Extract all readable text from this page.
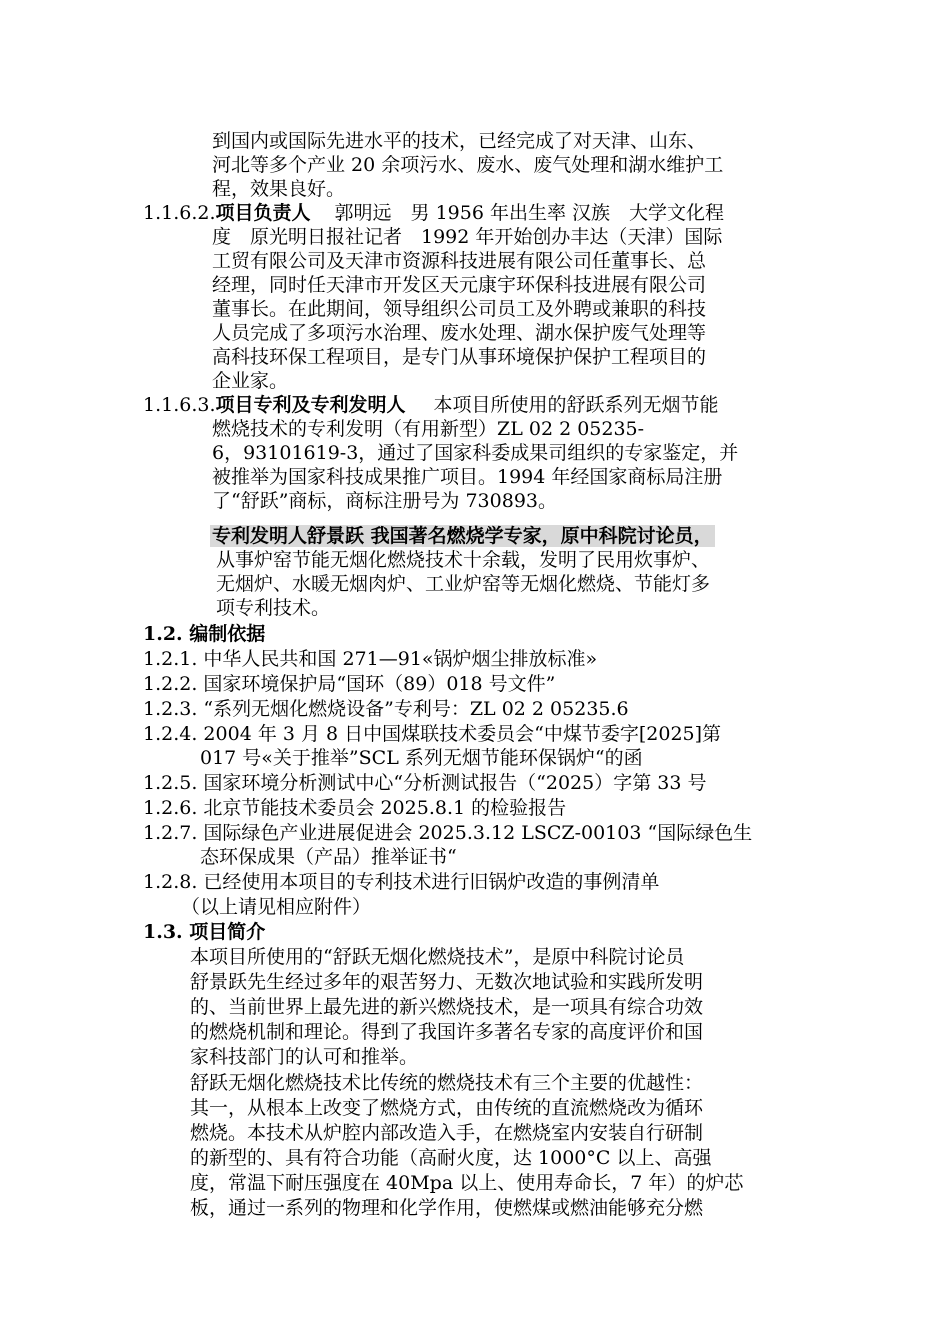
到国内或国际先进水平的技术，已经完成了对天津、山东、
河北等多个产业 20 余项污水、废水、废气处理和湖水维护工
程，效果良好。
1.1.6.2.项目负责人 郭明远　男 1956 年出生率 汉族　大学文化程
度　原光明日报社记者　1992 年开始创办丰达（天津）国际
工贸有限公司及天津市资源科技进展有限公司任董事长、总
经理，同时任天津市开发区天元康宇环保科技进展有限公司
董事长。在此期间，领导组织公司员工及外聘或兼职的科技
人员完成了多项污水治理、废水处理、湖水保护废气处理等
高科技环保工程项目，是专门从事环境保护保护工程项目的
企业家。
1.1.6.3.项目专利及专利发明人 本项目所使用的舒跃系列无烟节能
燃烧技术的专利发明（有用新型）ZL 02 2 05235-
6，93101619-3，通过了国家科委成果司组织的专家鉴定，并
被推举为国家科技成果推广项目。1994 年经国家商标局注册
了“舒跃”商标，商标注册号为 730893。
专利发明人舒景跃 我国著名燃烧学专家，原中科院讨论员，
从事炉窑节能无烟化燃烧技术十余载，发明了民用炊事炉、
无烟炉、水暖无烟肉炉、工业炉窑等无烟化燃烧、节能灯多
项专利技术。
1.2. 编制依据
1.2.1. 中华人民共和国 271—91«锅炉烟尘排放标准»
1.2.2. 国家环境保护局“国环（89）018 号文件”
1.2.3. “系列无烟化燃烧设备”专利号：ZL 02 2 05235.6
1.2.4. 2004 年 3 月 8 日中国煤联技术委员会“中煤节委字[2025]第
017 号«关于推举”SCL 系列无烟节能环保锅炉“的函
1.2.5. 国家环境分析测试中心“分析测试报告（“2025）字第 33 号
1.2.6. 北京节能技术委员会 2025.8.1 的检验报告
1.2.7. 国际绿色产业进展促进会 2025.3.12 LSCZ-00103 “国际绿色生
态环保成果（产品）推举证书“
1.2.8. 已经使用本项目的专利技术进行旧锅炉改造的事例清单
（以上请见相应附件）
1.3. 项目简介
本项目所使用的“舒跃无烟化燃烧技术”，是原中科院讨论员
舒景跃先生经过多年的艰苦努力、无数次地试验和实践所发明
的、当前世界上最先进的新兴燃烧技术，是一项具有综合功效
的燃烧机制和理论。得到了我国许多著名专家的高度评价和国
家科技部门的认可和推举。
舒跃无烟化燃烧技术比传统的燃烧技术有三个主要的优越性：
其一，从根本上改变了燃烧方式，由传统的直流燃烧改为循环
燃烧。本技术从炉腔内部改造入手，在燃烧室内安装自行研制
的新型的、具有符合功能（高耐火度，达 1000°C 以上、高强
度，常温下耐压强度在 40Mpa 以上、使用寿命长，7 年）的炉芯
板，通过一系列的物理和化学作用，使燃煤或燃油能够充分燃
